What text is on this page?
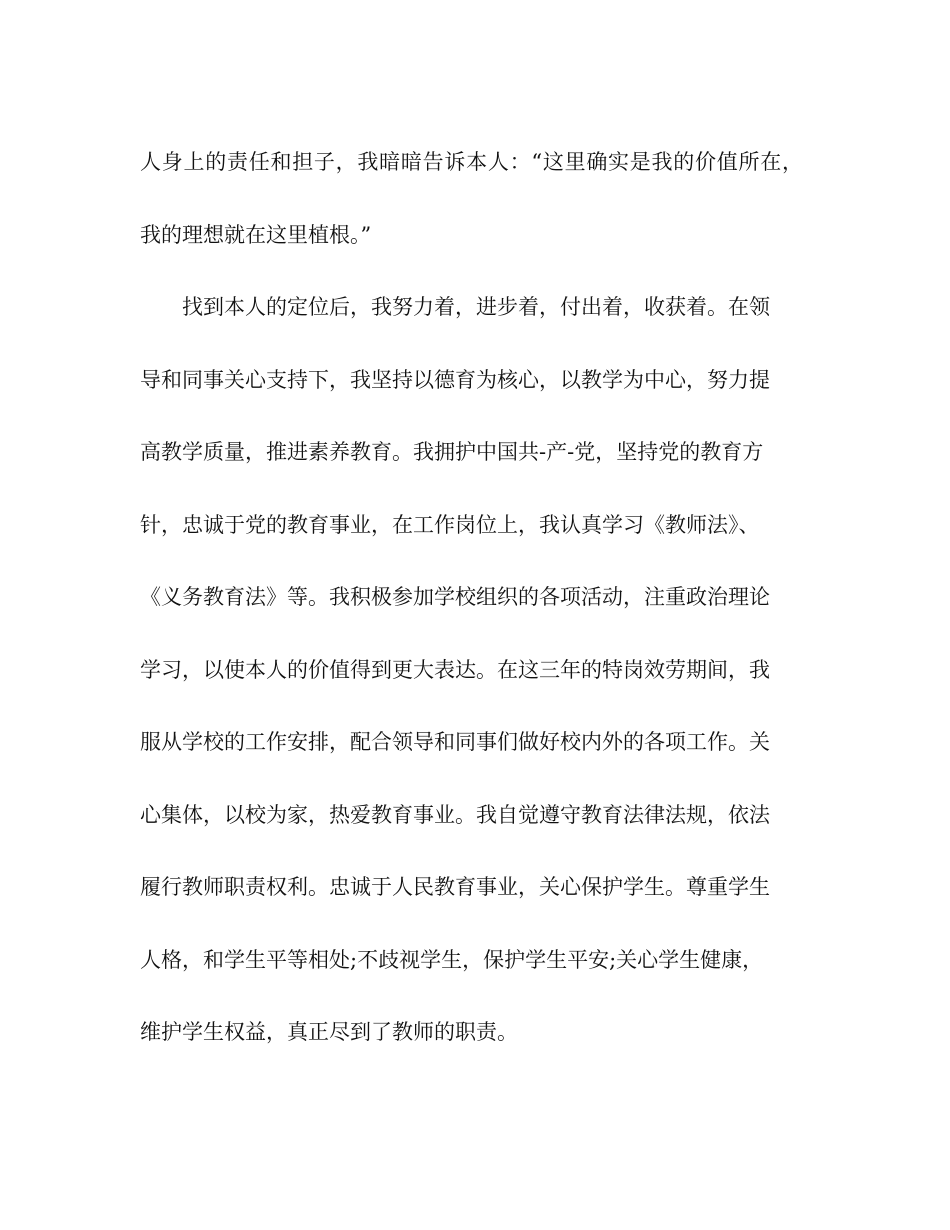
人身上的责任和担子，我暗暗告诉本人：“这里确实是我的价值所在，

我的理想就在这里植根。”

找到本人的定位后，我努力着，进步着，付出着，收获着。在领

导和同事关心支持下，我坚持以德育为核心，以教学为中心，努力提

高教学质量，推进素养教育。我拥护中国共-产-党，坚持党的教育方

针，忠诚于党的教育事业，在工作岗位上，我认真学习《教师法》、

《义务教育法》等。我积极参加学校组织的各项活动，注重政治理论

学习，以使本人的价值得到更大表达。在这三年的特岗效劳期间，我

服从学校的工作安排，配合领导和同事们做好校内外的各项工作。关

心集体，以校为家，热爱教育事业。我自觉遵守教育法律法规，依法

履行教师职责权利。忠诚于人民教育事业，关心保护学生。尊重学生

人格，和学生平等相处;不歧视学生，保护学生平安;关心学生健康，

维护学生权益，真正尽到了教师的职责。
